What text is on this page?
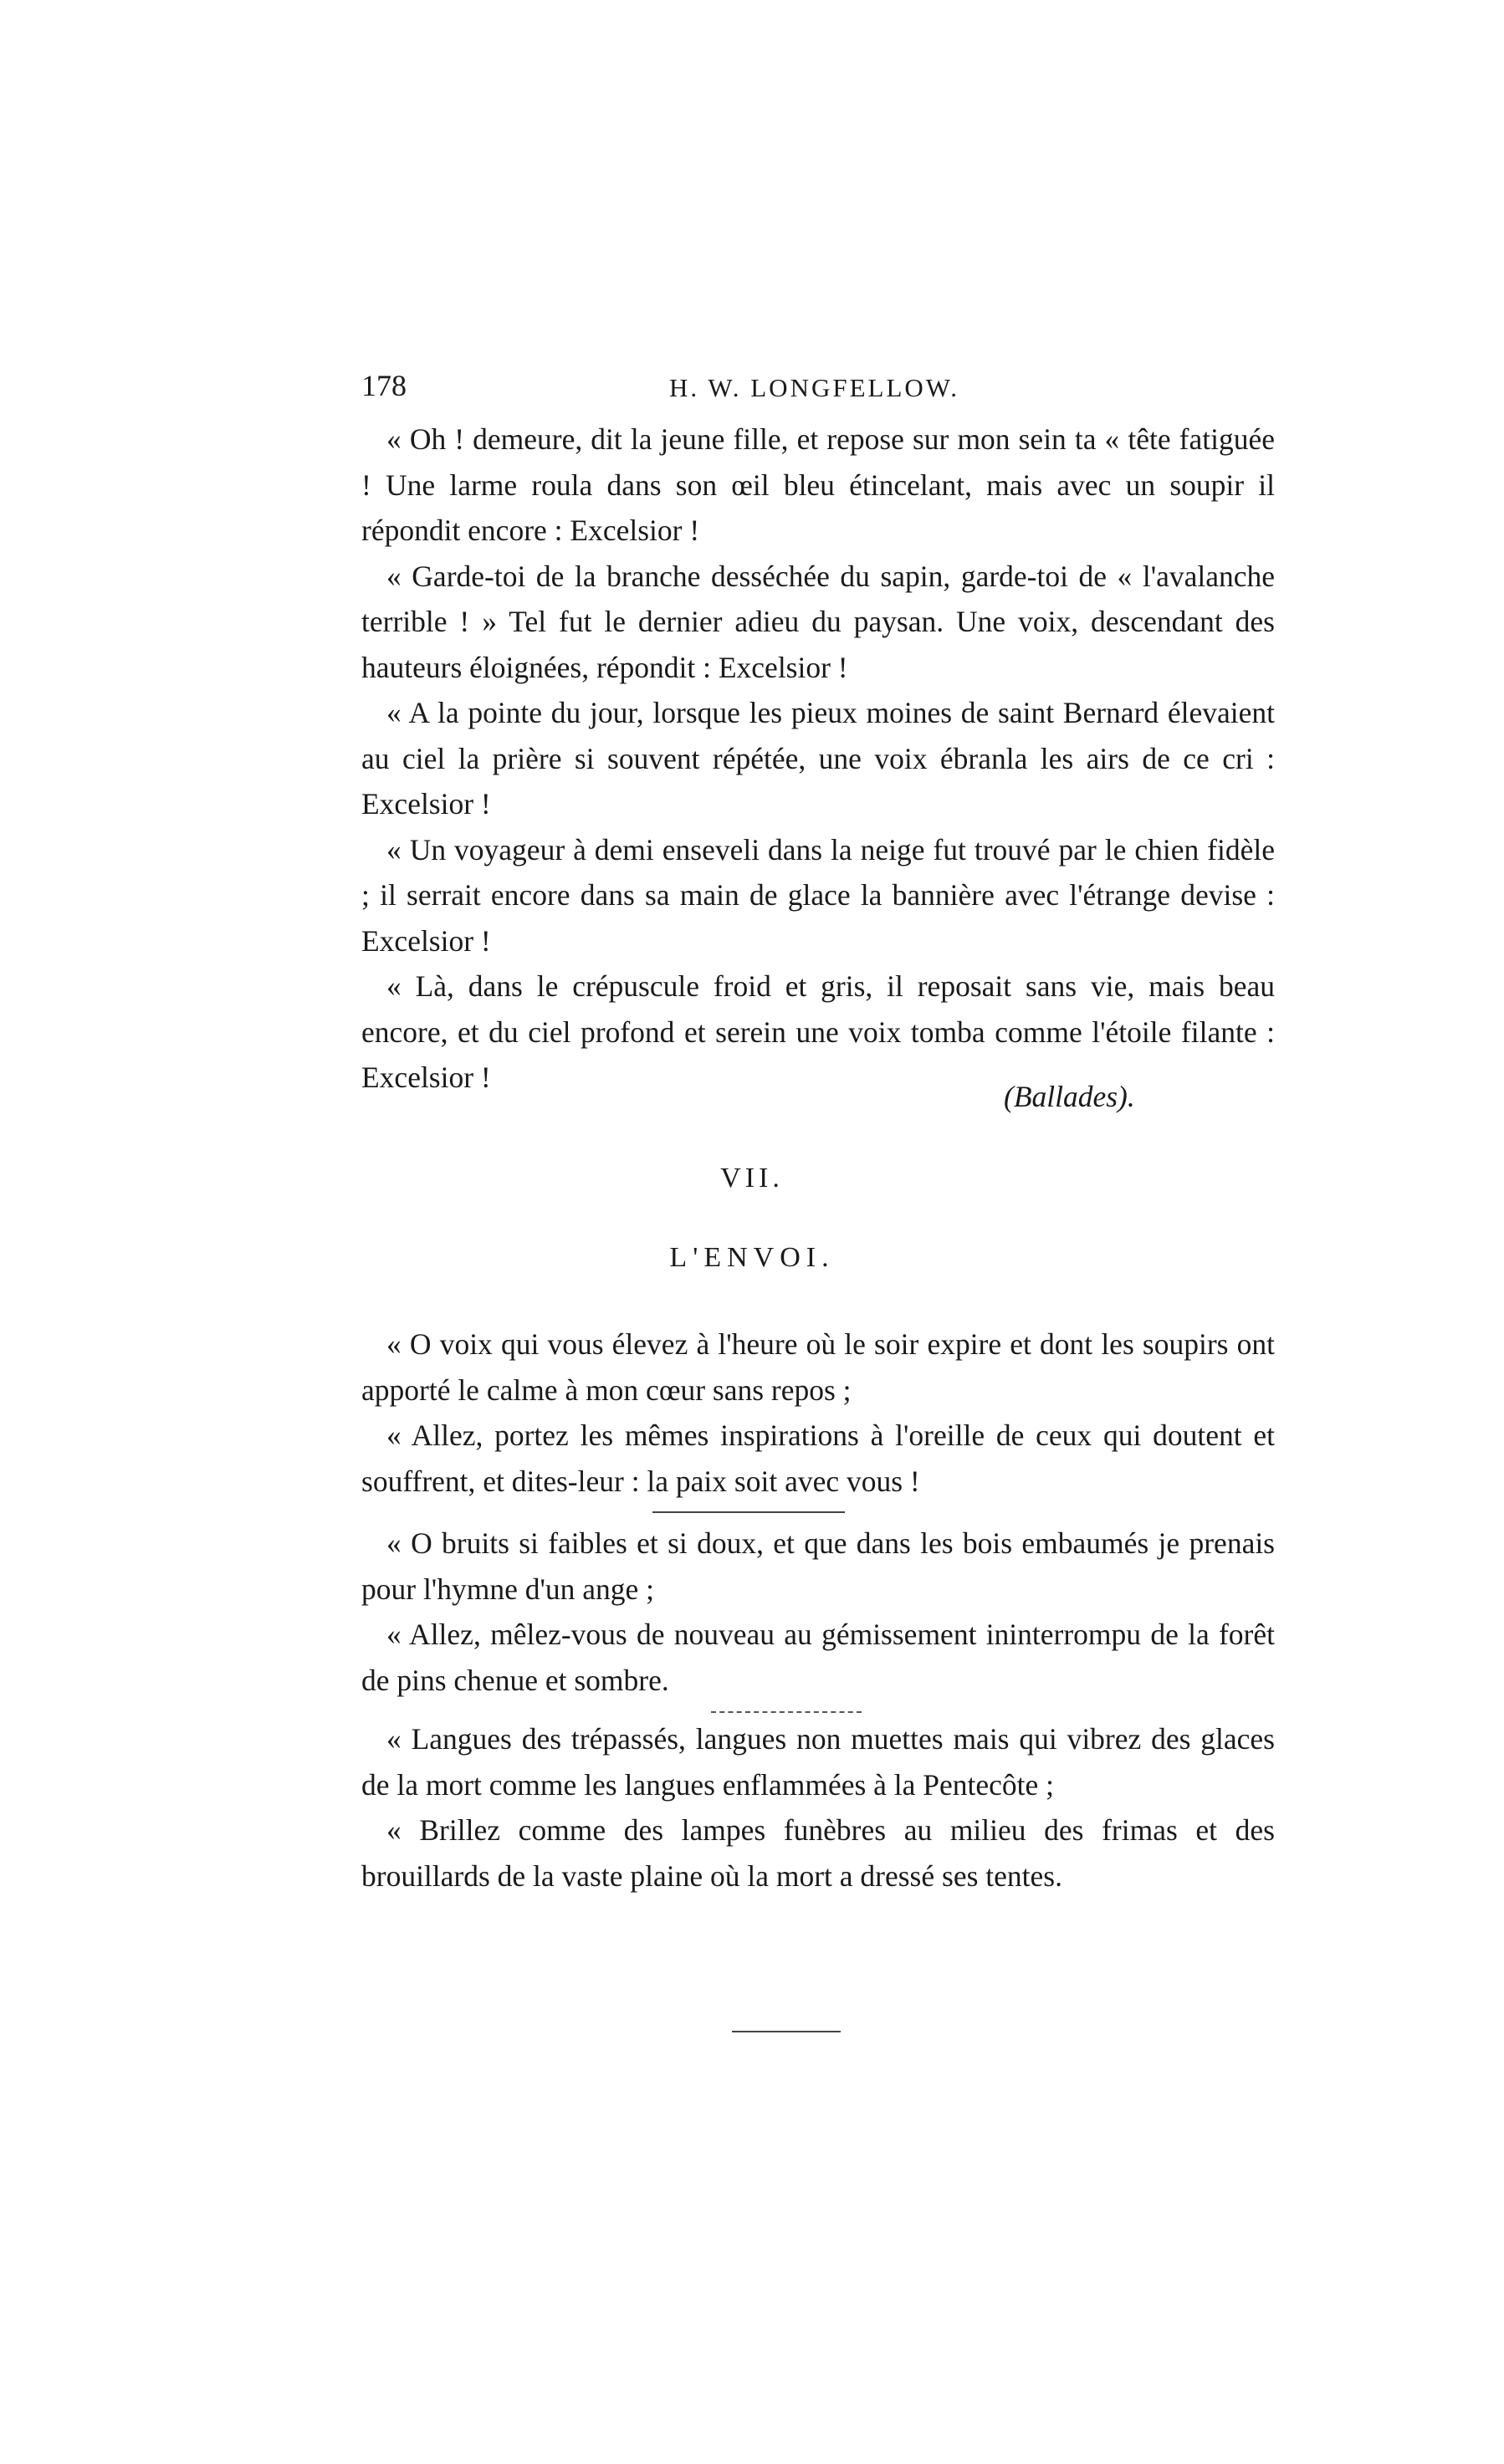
178	H. W. LONGFELLOW.

« Oh ! demeure, dit la jeune fille, et repose sur mon sein ta « tête fatiguée ! Une larme roula dans son œil bleu étincelant, mais avec un soupir il répondit encore : Excelsior !

« Garde-toi de la branche desséchée du sapin, garde-toi de « l'avalanche terrible ! » Tel fut le dernier adieu du paysan. Une voix, descendant des hauteurs éloignées, répondit : Excelsior !

« A la pointe du jour, lorsque les pieux moines de saint Bernard élevaient au ciel la prière si souvent répétée, une voix ébranla les airs de ce cri : Excelsior !

« Un voyageur à demi enseveli dans la neige fut trouvé par le chien fidèle ; il serrait encore dans sa main de glace la bannière avec l'étrange devise : Excelsior !

« Là, dans le crépuscule froid et gris, il reposait sans vie, mais beau encore, et du ciel profond et serein une voix tomba comme l'étoile filante : Excelsior !

(Ballades).
VII.
L'ENVOI.

« O voix qui vous élevez à l'heure où le soir expire et dont les soupirs ont apporté le calme à mon cœur sans repos ;

« Allez, portez les mêmes inspirations à l'oreille de ceux qui doutent et souffrent, et dites-leur : la paix soit avec vous !

« O bruits si faibles et si doux, et que dans les bois embaumés je prenais pour l'hymne d'un ange ;

« Allez, mêlez-vous de nouveau au gémissement ininterrompu de la forêt de pins chenue et sombre.

« Langues des trépassés, langues non muettes mais qui vibrez des glaces de la mort comme les langues enflammées à la Pentecôte ;

« Brillez comme des lampes funèbres au milieu des frimas et des brouillards de la vaste plaine où la mort a dressé ses tentes.
